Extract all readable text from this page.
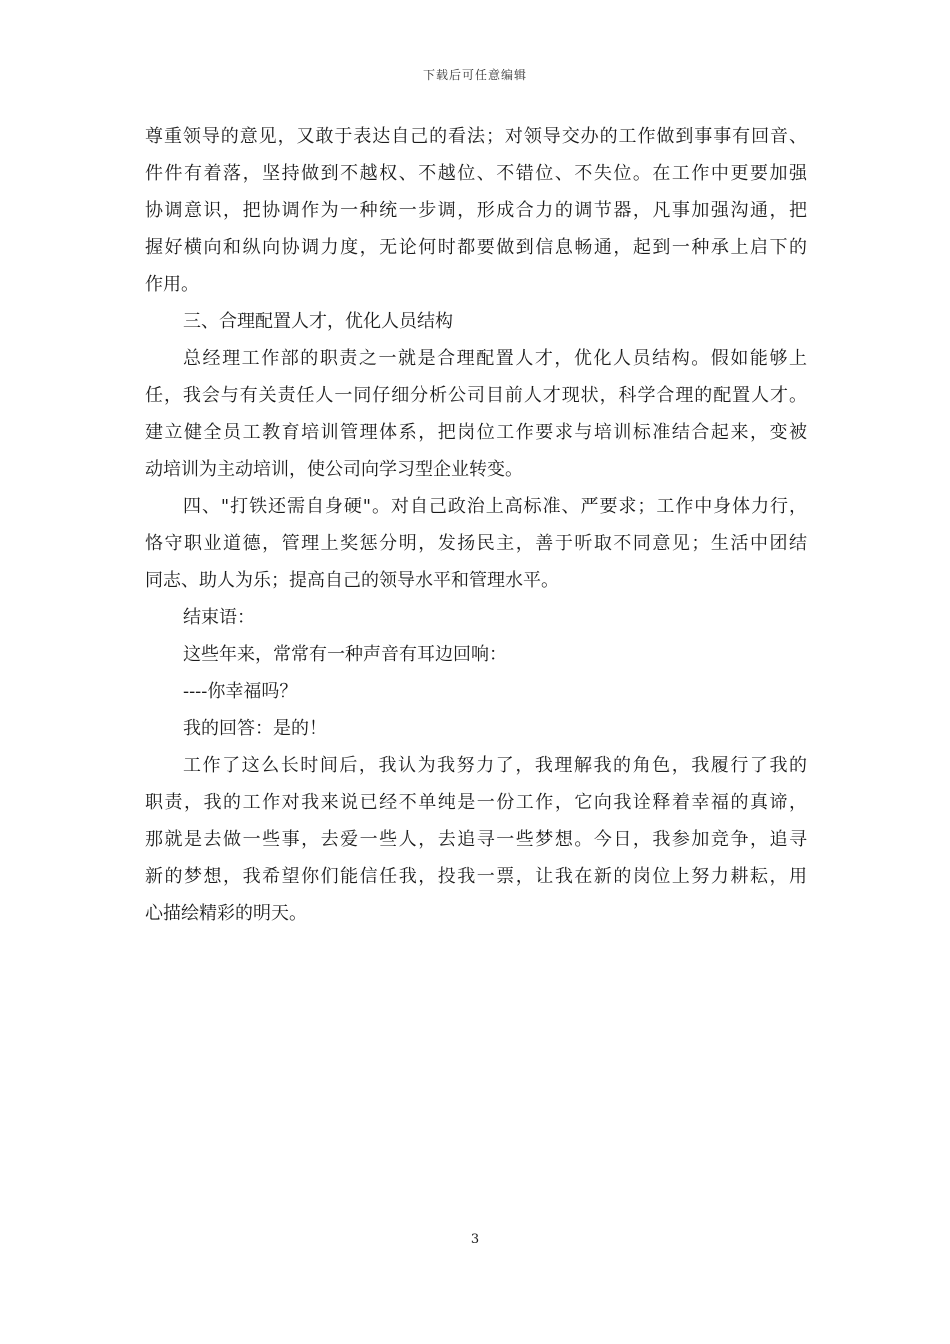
下载后可任意编辑
尊重领导的意见，又敢于表达自己的看法；对领导交办的工作做到事事有回音、
件件有着落，坚持做到不越权、不越位、不错位、不失位。在工作中更要加强
协调意识，把协调作为一种统一步调，形成合力的调节器，凡事加强沟通，把
握好横向和纵向协调力度，无论何时都要做到信息畅通，起到一种承上启下的
作用。
三、合理配置人才，优化人员结构
总经理工作部的职责之一就是合理配置人才，优化人员结构。假如能够上
任，我会与有关责任人一同仔细分析公司目前人才现状，科学合理的配置人才。
建立健全员工教育培训管理体系，把岗位工作要求与培训标准结合起来，变被
动培训为主动培训，使公司向学习型企业转变。
四、"打铁还需自身硬"。对自己政治上高标准、严要求；工作中身体力行，
恪守职业道德，管理上奖惩分明，发扬民主，善于听取不同意见；生活中团结
同志、助人为乐；提高自己的领导水平和管理水平。
结束语：
这些年来，常常有一种声音有耳边回响：
----你幸福吗？
我的回答：是的！
工作了这么长时间后，我认为我努力了，我理解我的角色，我履行了我的
职责，我的工作对我来说已经不单纯是一份工作，它向我诠释着幸福的真谛，
那就是去做一些事，去爱一些人，去追寻一些梦想。今日，我参加竞争，追寻
新的梦想，我希望你们能信任我，投我一票，让我在新的岗位上努力耕耘，用
心描绘精彩的明天。
3
